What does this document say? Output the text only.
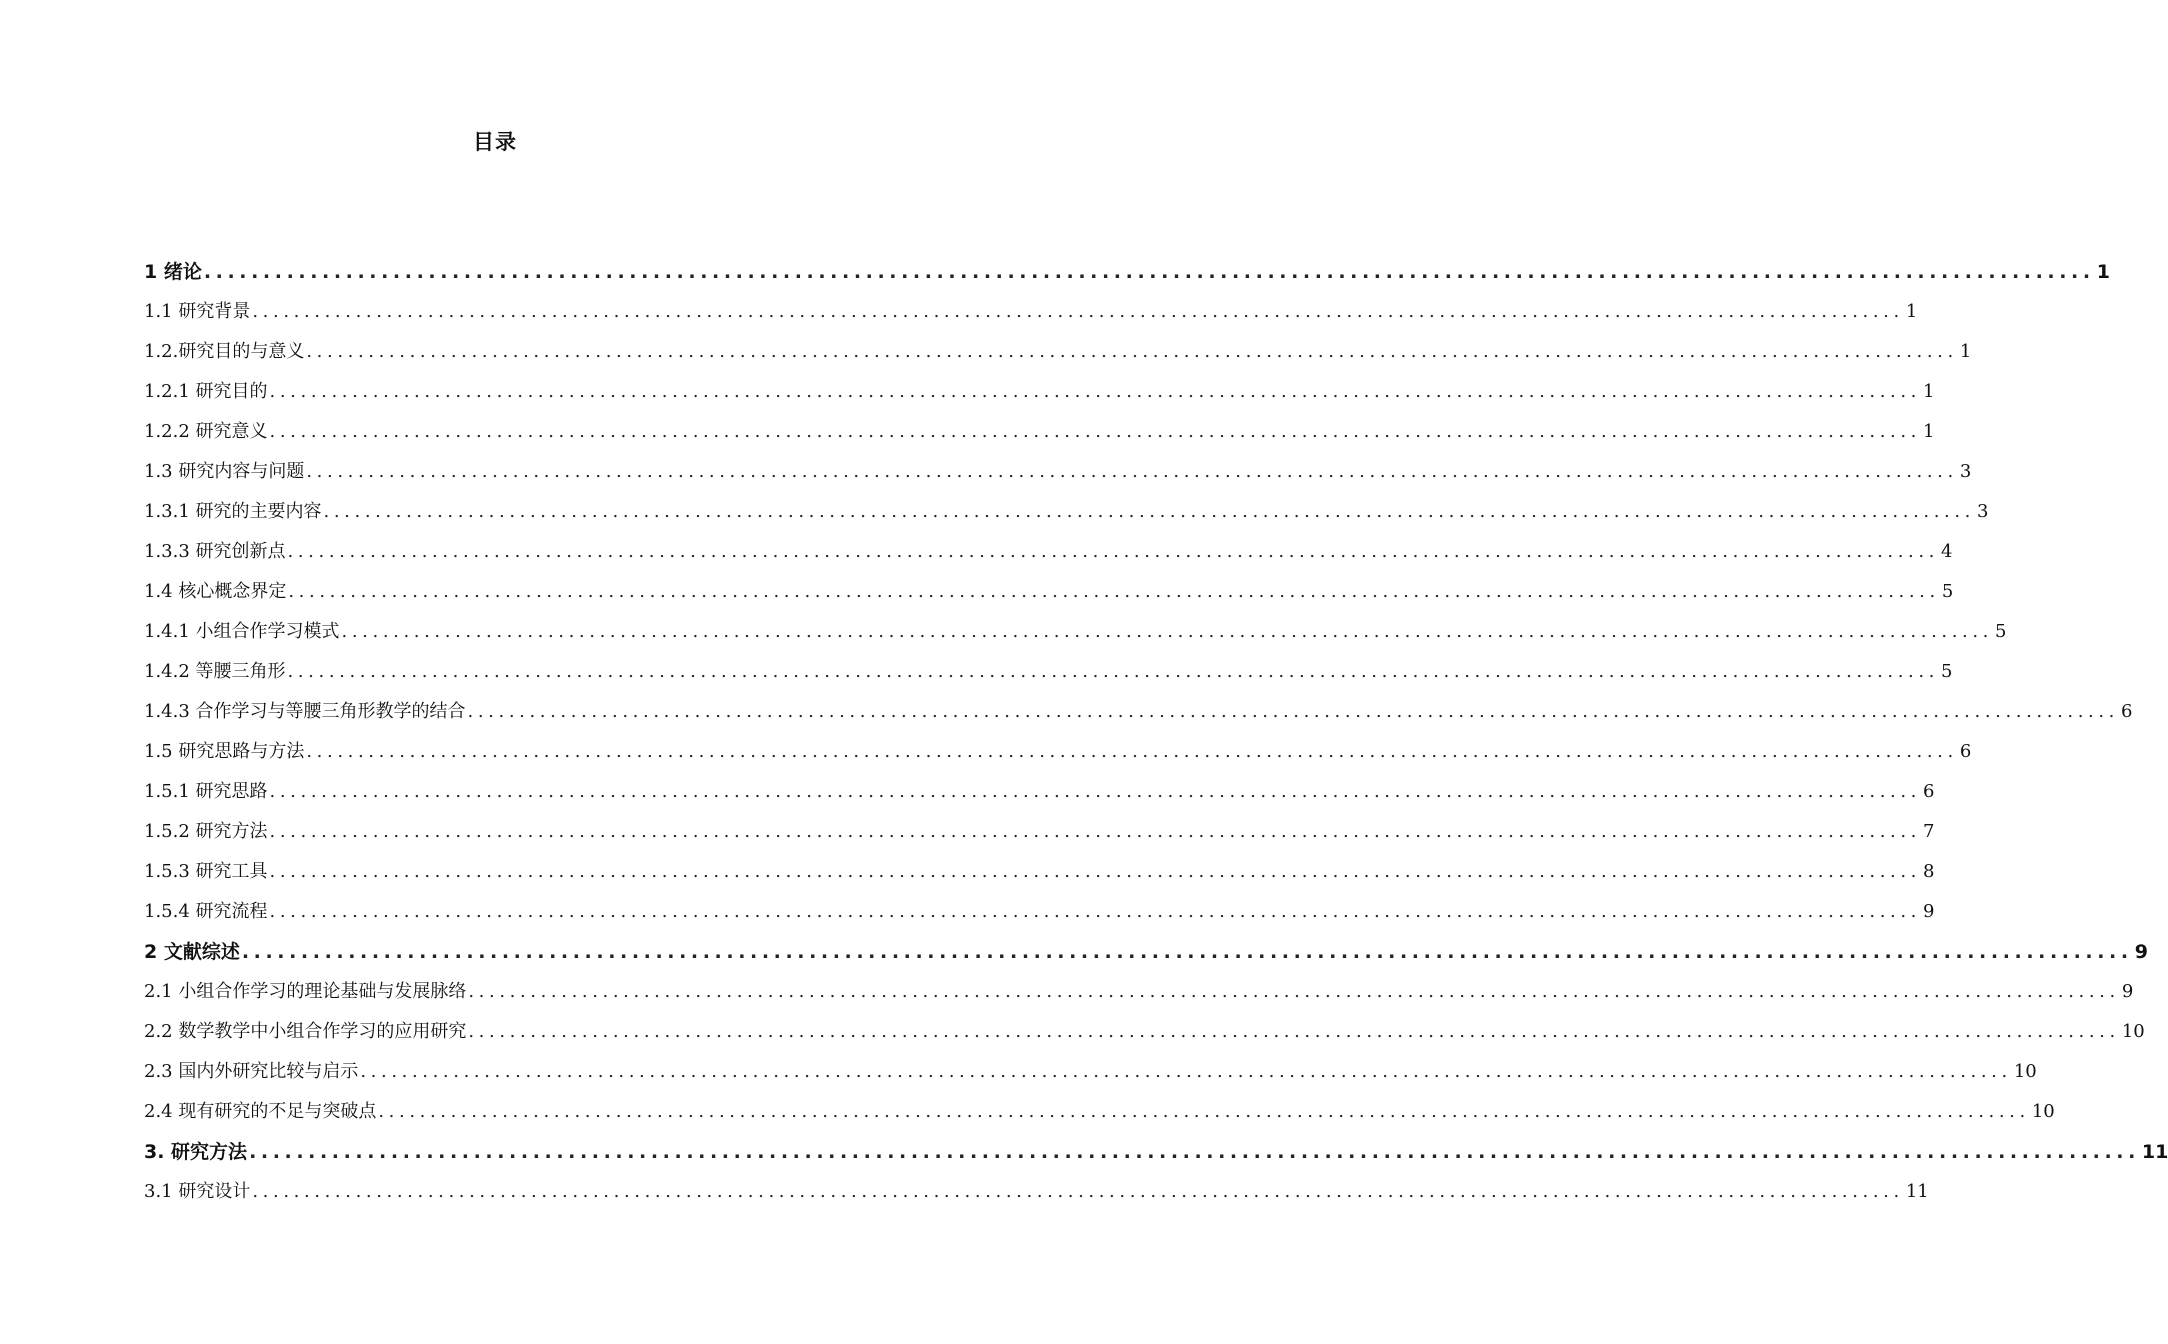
目录
1 绪论 ................................................................................................................................................................ 1
1.1 研究背景 ................................................................................................................................................................ 1
1.2.研究目的与意义 ................................................................................................................................................................ 1
1.2.1 研究目的 ................................................................................................................................................................ 1
1.2.2 研究意义 ................................................................................................................................................................ 1
1.3 研究内容与问题 ................................................................................................................................................................ 3
1.3.1 研究的主要内容 ................................................................................................................................................................ 3
1.3.3 研究创新点 ................................................................................................................................................................ 4
1.4 核心概念界定 ................................................................................................................................................................ 5
1.4.1 小组合作学习模式 ................................................................................................................................................................ 5
1.4.2 等腰三角形 ................................................................................................................................................................ 5
1.4.3 合作学习与等腰三角形教学的结合 ................................................................................................................................................................ 6
1.5 研究思路与方法 ................................................................................................................................................................ 6
1.5.1 研究思路 ................................................................................................................................................................ 6
1.5.2 研究方法 ................................................................................................................................................................ 7
1.5.3 研究工具 ................................................................................................................................................................ 8
1.5.4 研究流程 ................................................................................................................................................................ 9
2 文献综述 ................................................................................................................................................................ 9
2.1 小组合作学习的理论基础与发展脉络 ................................................................................................................................................................ 9
2.2 数学教学中小组合作学习的应用研究 ................................................................................................................................................................ 10
2.3 国内外研究比较与启示 ................................................................................................................................................................ 10
2.4 现有研究的不足与突破点 ................................................................................................................................................................ 10
3. 研究方法 ................................................................................................................................................................ 11
3.1 研究设计 ................................................................................................................................................................ 11
